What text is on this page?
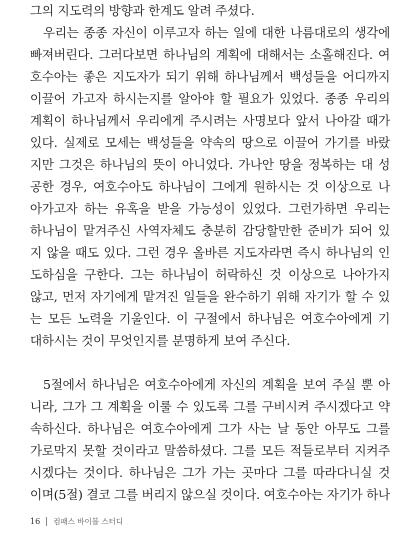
그의 지도력의 방향과 한계도 알려 주셨다.
우리는 종종 자신이 이루고자 하는 일에 대한 나름대로의 생각에
빠져버린다. 그러다보면 하나님의 계획에 대해서는 소홀해진다. 여
호수아는 좋은 지도자가 되기 위해 하나님께서 백성들을 어디까지
이끌어 가고자 하시는지를 알아야 할 필요가 있었다. 종종 우리의
계획이 하나님께서 우리에게 주시려는 사명보다 앞서 나아갈 때가
있다. 실제로 모세는 백성들을 약속의 땅으로 이끌어 가기를 바랐
지만 그것은 하나님의 뜻이 아니었다. 가나안 땅을 정복하는 대 성
공한 경우, 여호수아도 하나님이 그에게 원하시는 것 이상으로 나
아가고자 하는 유혹을 받을 가능성이 있었다. 그런가하면 우리는
하나님이 맡겨주신 사역자체도 충분히 감당할만한 준비가 되어 있
지 않을 때도 있다. 그런 경우 올바른 지도자라면 즉시 하나님의 인
도하심을 구한다. 그는 하나님이 허락하신 것 이상으로 나아가지
않고, 먼저 자기에게 맡겨진 일들을 완수하기 위해 자기가 할 수 있
는 모든 노력을 기울인다. 이 구절에서 하나님은 여호수아에게 기
대하시는 것이 무엇인지를 분명하게 보여 주신다.
5절에서 하나님은 여호수아에게 자신의 계획을 보여 주실 뿐 아
니라, 그가 그 계획을 이룰 수 있도록 그를 구비시켜 주시겠다고 약
속하신다. 하나님은 여호수아에게 그가 사는 날 동안 아무도 그를
가로막지 못할 것이라고 말씀하셨다. 그를 모든 적들로부터 지켜주
시겠다는 것이다. 하나님은 그가 가는 곳마다 그를 따라다니실 것
이며(5절) 결코 그를 버리지 않으실 것이다. 여호수아는 자기가 하나
16 컴패스 바이블 스터디
